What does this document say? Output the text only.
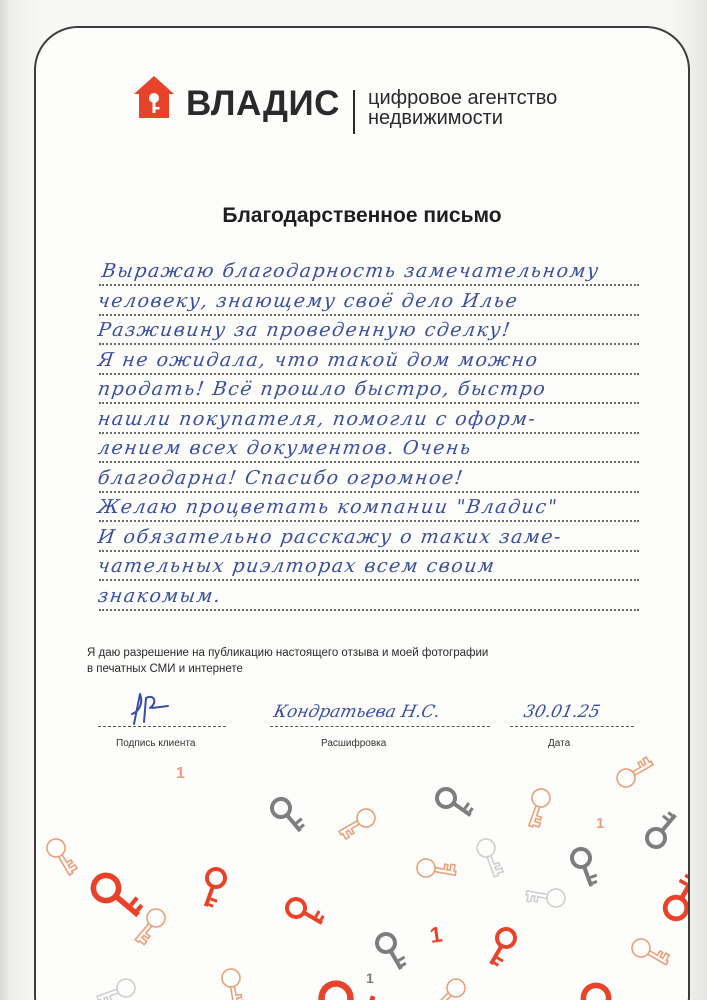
ВЛАДИС цифровое агентство
недвижимости
Благодарственное письмо
Выражаю благодарность замечательному
человеку, знающему своё дело Илье
Разживину за проведенную сделку!
Я не ожидала, что такой дом можно
продать! Всё прошло быстро, быстро
нашли покупателя, помогли с оформ-
лением всех документов. Очень
благодарна! Спасибо огромное!
Желаю процветать компании "Владис"
И обязательно расскажу о таких заме-
чательных риэлторах всем своим
знакомым.
Я даю разрешение на публикацию настоящего отзыва и моей фотографии
в печатных СМИ и интернете
Кондратьева Н.С.	30.01.25
Подпись клиента	Расшифровка	Дата
1
1
1
1
